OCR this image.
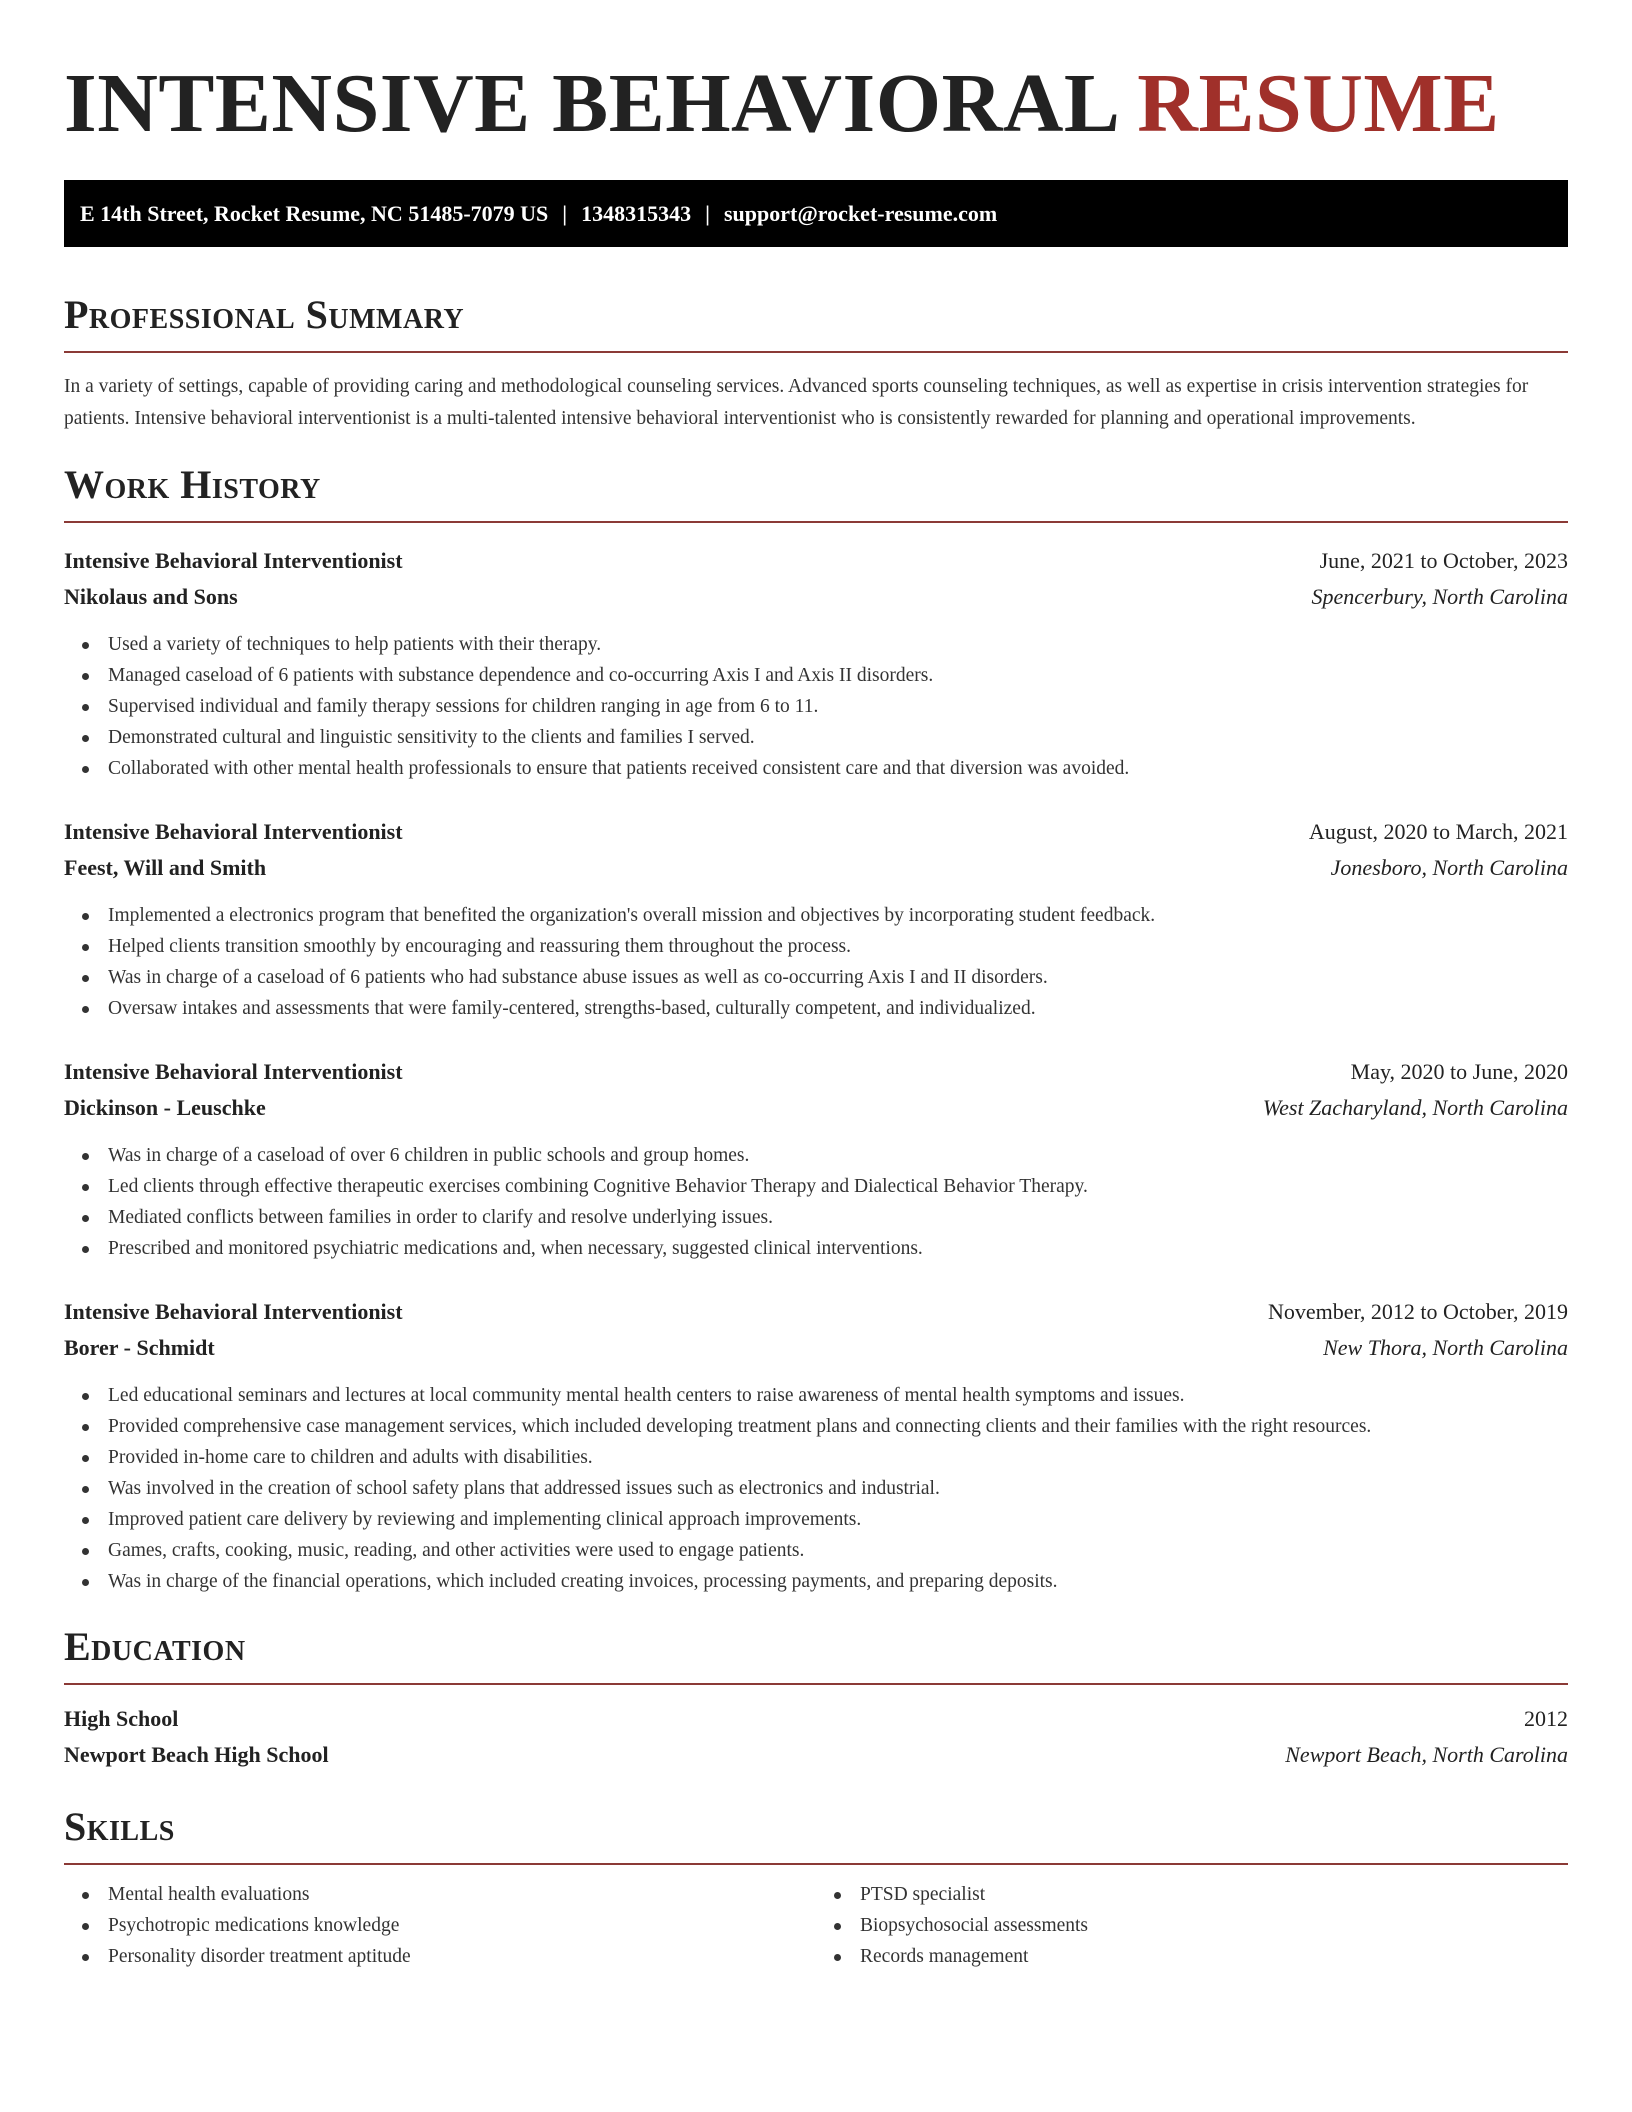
INTENSIVE BEHAVIORAL RESUME
E 14th Street, Rocket Resume, NC 51485-7079 US | 1348315343 | support@rocket-resume.com
Professional Summary

In a variety of settings, capable of providing caring and methodological counseling services. Advanced sports counseling techniques, as well as expertise in crisis intervention strategies for patients. Intensive behavioral interventionist is a multi-talented intensive behavioral interventionist who is consistently rewarded for planning and operational improvements.

Work History
Intensive Behavioral Interventionist	June, 2021 to October, 2023
Nikolaus and Sons	Spencerbury, North Carolina
Used a variety of techniques to help patients with their therapy.
Managed caseload of 6 patients with substance dependence and co-occurring Axis I and Axis II disorders.
Supervised individual and family therapy sessions for children ranging in age from 6 to 11.
Demonstrated cultural and linguistic sensitivity to the clients and families I served.
Collaborated with other mental health professionals to ensure that patients received consistent care and that diversion was avoided.
Intensive Behavioral Interventionist	August, 2020 to March, 2021
Feest, Will and Smith	Jonesboro, North Carolina
Implemented a electronics program that benefited the organization's overall mission and objectives by incorporating student feedback.
Helped clients transition smoothly by encouraging and reassuring them throughout the process.
Was in charge of a caseload of 6 patients who had substance abuse issues as well as co-occurring Axis I and II disorders.
Oversaw intakes and assessments that were family-centered, strengths-based, culturally competent, and individualized.
Intensive Behavioral Interventionist	May, 2020 to June, 2020
Dickinson - Leuschke	West Zacharyland, North Carolina
Was in charge of a caseload of over 6 children in public schools and group homes.
Led clients through effective therapeutic exercises combining Cognitive Behavior Therapy and Dialectical Behavior Therapy.
Mediated conflicts between families in order to clarify and resolve underlying issues.
Prescribed and monitored psychiatric medications and, when necessary, suggested clinical interventions.
Intensive Behavioral Interventionist	November, 2012 to October, 2019
Borer - Schmidt	New Thora, North Carolina
Led educational seminars and lectures at local community mental health centers to raise awareness of mental health symptoms and issues.
Provided comprehensive case management services, which included developing treatment plans and connecting clients and their families with the right resources.
Provided in-home care to children and adults with disabilities.
Was involved in the creation of school safety plans that addressed issues such as electronics and industrial.
Improved patient care delivery by reviewing and implementing clinical approach improvements.
Games, crafts, cooking, music, reading, and other activities were used to engage patients.
Was in charge of the financial operations, which included creating invoices, processing payments, and preparing deposits.
Education
High School	2012
Newport Beach High School	Newport Beach, North Carolina
Skills
Mental health evaluations
Psychotropic medications knowledge
Personality disorder treatment aptitude
PTSD specialist
Biopsychosocial assessments
Records management
